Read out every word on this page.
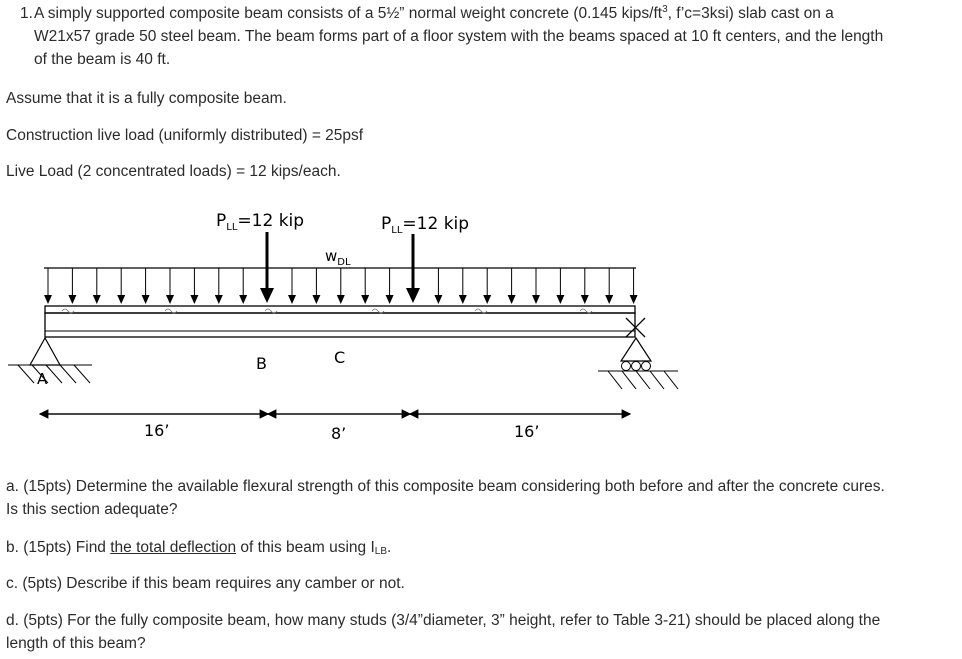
1. A simply supported composite beam consists of a 5½” normal weight concrete (0.145 kips/$ft^3$, f’c=3ksi) slab cast on a
W21x57 grade 50 steel beam. The beam forms part of a floor system with the beams spaced at 10 ft centers, and the length
of the beam is 40 ft.
Assume that it is a fully composite beam.
Construction live load (uniformly distributed) = 25psf
Live Load (2 concentrated loads) = 12 kips/each.
$P_{LL}=12$ kip	$P_{LL}=12$ kip
$w_{DL}$
A
B	C
16’	8’	16’
a. (15pts) Determine the available flexural strength of this composite beam considering both before and after the concrete cures.
Is this section adequate?
b. (15pts) Find the total deflection of this beam using $I_{LB}$.
c. (5pts) Describe if this beam requires any camber or not.
d. (5pts) For the fully composite beam, how many studs (3/4”diameter, 3” height, refer to Table 3-21) should be placed along the
length of this beam?
